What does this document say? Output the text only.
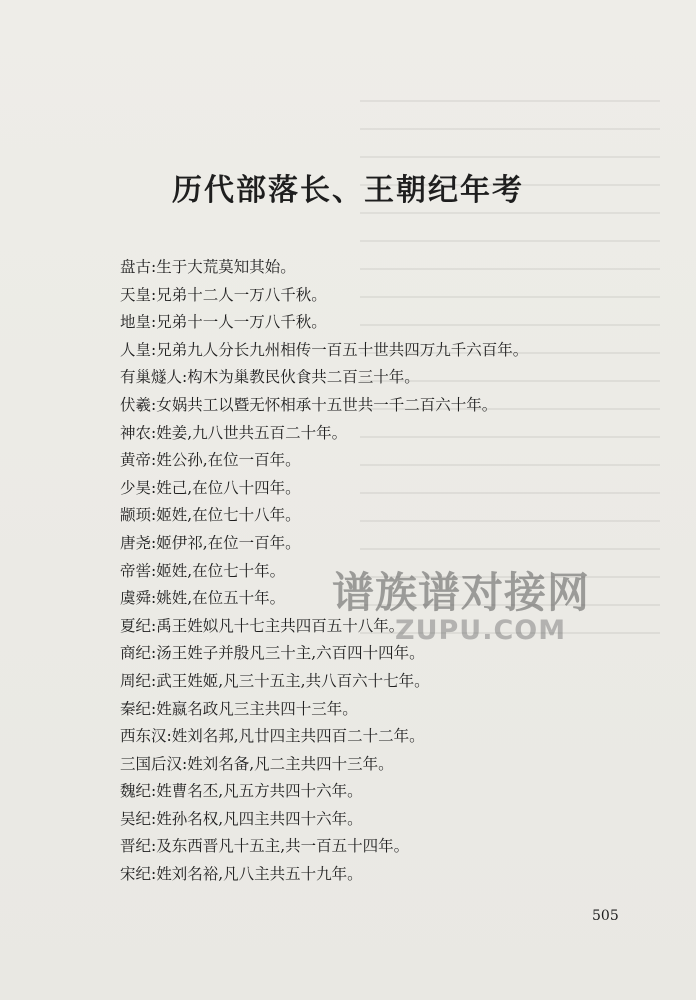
历代部落长、王朝纪年考
盘古:生于大荒莫知其始。
天皇:兄弟十二人一万八千秋。
地皇:兄弟十一人一万八千秋。
人皇:兄弟九人分长九州相传一百五十世共四万九千六百年。
有巢燧人:构木为巢教民伙食共二百三十年。
伏羲:女娲共工以暨无怀相承十五世共一千二百六十年。
神农:姓姜,九八世共五百二十年。
黄帝:姓公孙,在位一百年。
少昊:姓己,在位八十四年。
颛顼:姬姓,在位七十八年。
唐尧:姬伊祁,在位一百年。
帝喾:姬姓,在位七十年。
虞舜:姚姓,在位五十年。
夏纪:禹王姓姒凡十七主共四百五十八年。
商纪:汤王姓子并殷凡三十主,六百四十四年。
周纪:武王姓姬,凡三十五主,共八百六十七年。
秦纪:姓嬴名政凡三主共四十三年。
西东汉:姓刘名邦,凡廿四主共四百二十二年。
三国后汉:姓刘名备,凡二主共四十三年。
魏纪:姓曹名丕,凡五方共四十六年。
吴纪:姓孙名权,凡四主共四十六年。
晋纪:及东西晋凡十五主,共一百五十四年。
宋纪:姓刘名裕,凡八主共五十九年。
505
谱族谱对接网
ZUPU.COM
